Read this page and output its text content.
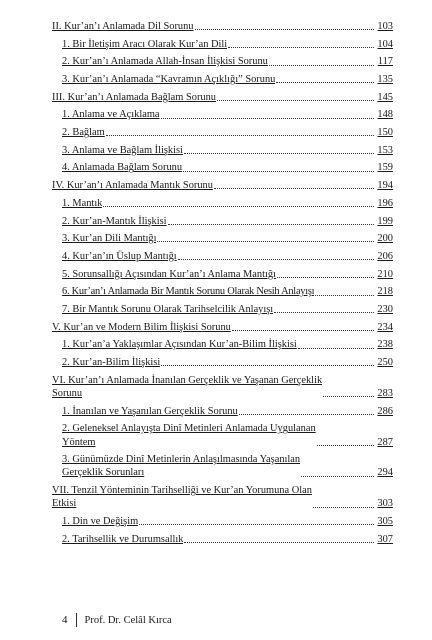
II. Kur’an’ı Anlamada Dil Sorunu	103
1. Bir İletişim Aracı Olarak Kur’an Dili	104
2. Kur’an’ı Anlamada Allah-İnsan İlişkisi Sorunu	117
3. Kur’an’ı Anlamada “Kavramın Açıklığı” Sorunu	135
III. Kur’an’ı Anlamada Bağlam Sorunu	145
1. Anlama ve Açıklama	148
2. Bağlam	150
3. Anlama ve Bağlam İlişkisi	153
4. Anlamada Bağlam Sorunu	159
IV. Kur’an’ı Anlamada Mantık Sorunu	194
1. Mantık	196
2. Kur’an-Mantık İlişkisi	199
3. Kur’an Dili Mantığı	200
4. Kur’an’ın Üslup Mantığı	206
5. Sorunsallığı Açısından Kur’an’ı Anlama Mantığı	210
6. Kur’an’ı Anlamada Bir Mantık Sorunu Olarak Nesih Anlayışı	218
7. Bir Mantık Sorunu Olarak Tarihselcilik Anlayışı	230
V. Kur’an ve Modern Bilim İlişkisi Sorunu	234
1. Kur’an’a Yaklaşımlar Açısından Kur’an-Bilim İlişkisi	238
2. Kur’an-Bilim İlişkisi	250
VI. Kur’an’ı Anlamada İnanılan Gerçeklik ve Yaşanan Gerçeklik
Sorunu	283
1. İnanılan ve Yaşanılan Gerçeklik Sorunu	286
2. Geleneksel Anlayışta Dinî Metinleri Anlamada Uygulanan
Yöntem	287
3. Günümüzde Dinî Metinlerin Anlaşılmasında Yaşanılan
Gerçeklik Sorunları	294
VII. Tenzil Yönteminin Tarihselliği ve Kur’an Yorumuna Olan
Etkisi	303
1. Din ve Değişim	305
2. Tarihsellik ve Durumsallık	307
4 Prof. Dr. Celâl Kırca
